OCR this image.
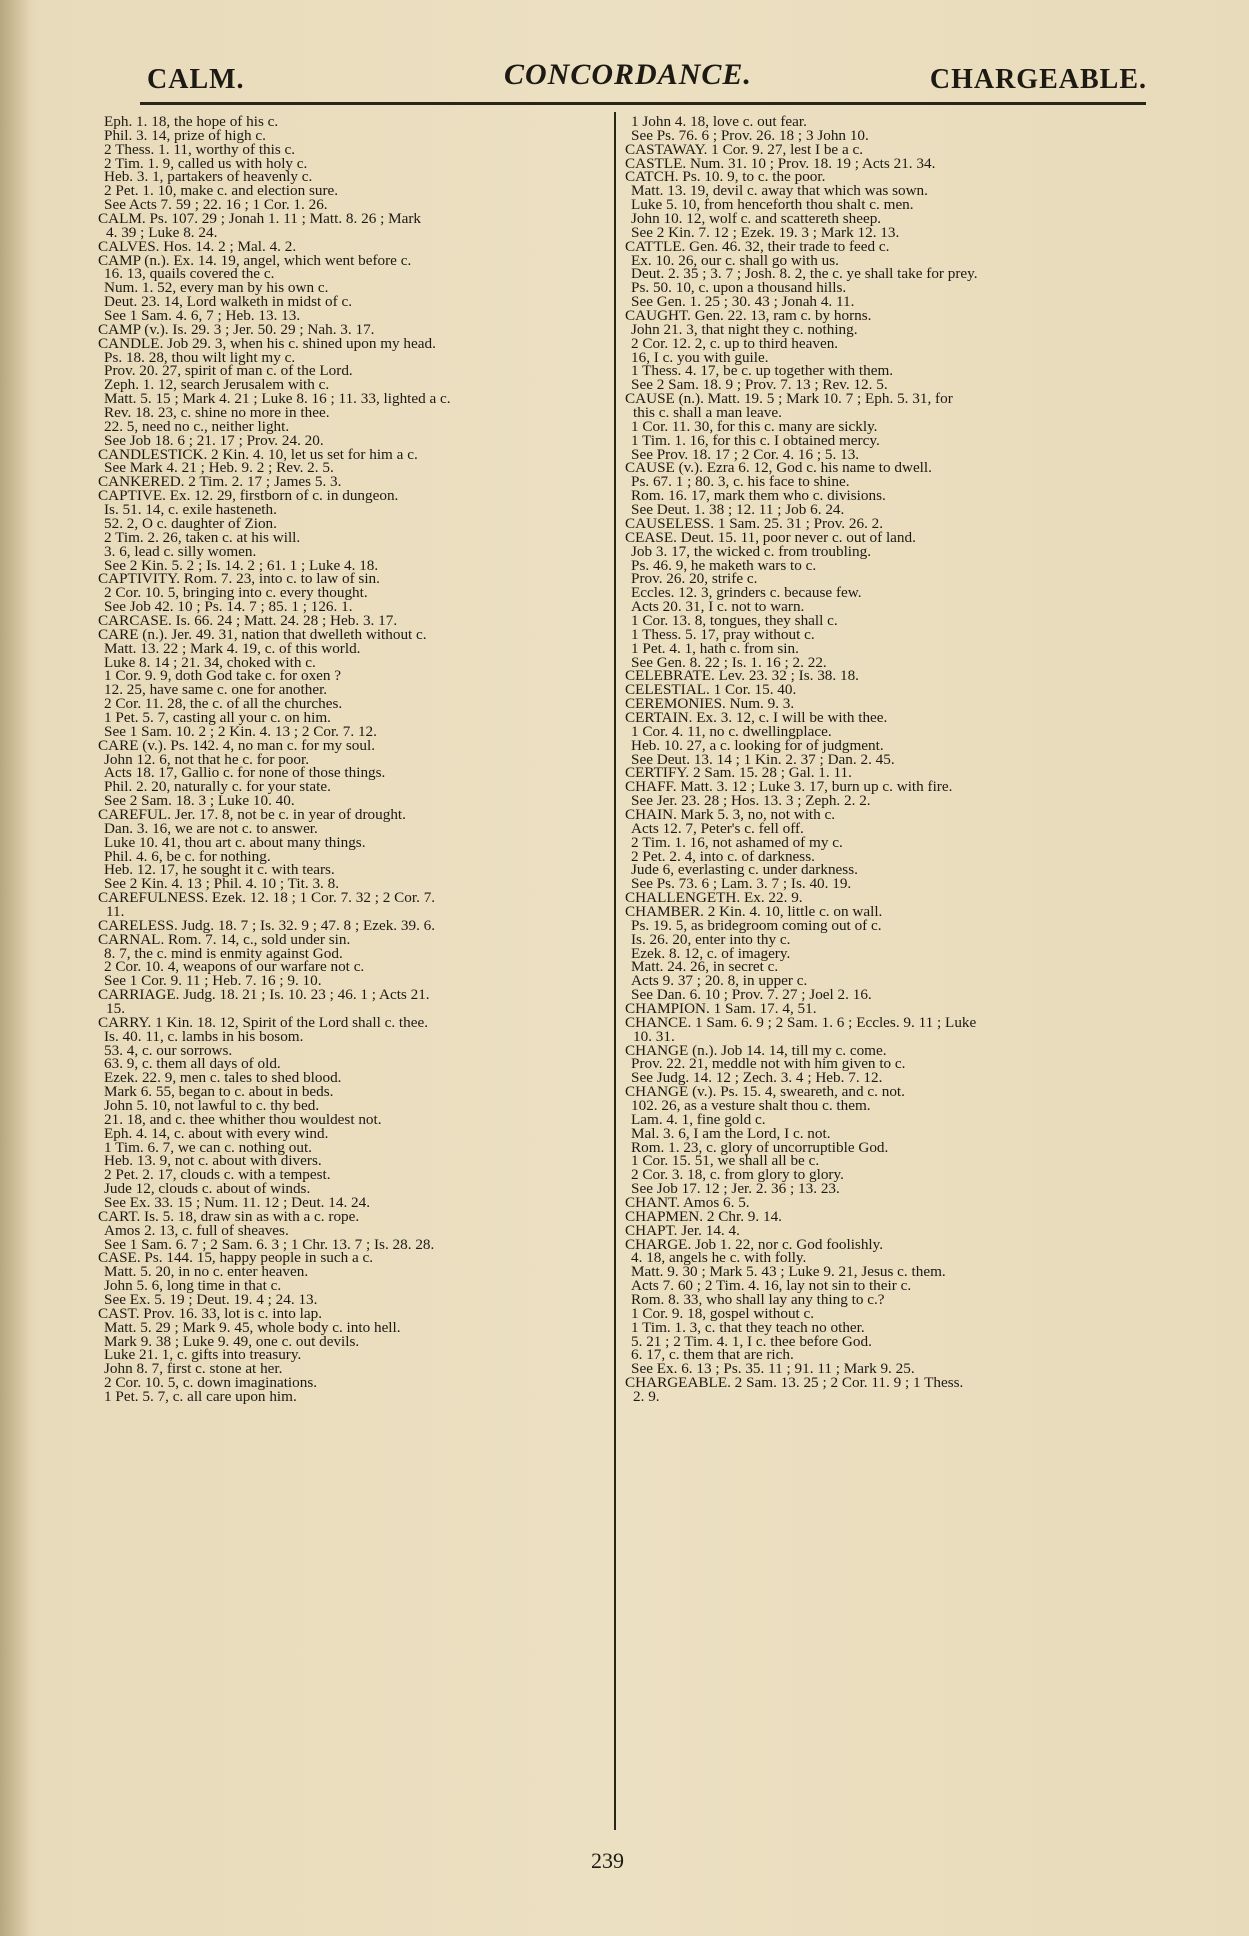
CALM.	CONCORDANCE.	CHARGEABLE.
Eph. 1. 18, the hope of his c.
Phil. 3. 14, prize of high c.
2 Thess. 1. 11, worthy of this c.
2 Tim. 1. 9, called us with holy c.
Heb. 3. 1, partakers of heavenly c.
2 Pet. 1. 10, make c. and election sure.
See Acts 7. 59 ; 22. 16 ; 1 Cor. 1. 26.
CALM. Ps. 107. 29 ; Jonah 1. 11 ; Matt. 8. 26 ; Mark
4. 39 ; Luke 8. 24.
CALVES. Hos. 14. 2 ; Mal. 4. 2.
CAMP (n.). Ex. 14. 19, angel, which went before c.
16. 13, quails covered the c.
Num. 1. 52, every man by his own c.
Deut. 23. 14, Lord walketh in midst of c.
See 1 Sam. 4. 6, 7 ; Heb. 13. 13.
CAMP (v.). Is. 29. 3 ; Jer. 50. 29 ; Nah. 3. 17.
CANDLE. Job 29. 3, when his c. shined upon my head.
Ps. 18. 28, thou wilt light my c.
Prov. 20. 27, spirit of man c. of the Lord.
Zeph. 1. 12, search Jerusalem with c.
Matt. 5. 15 ; Mark 4. 21 ; Luke 8. 16 ; 11. 33, lighted a c.
Rev. 18. 23, c. shine no more in thee.
22. 5, need no c., neither light.
See Job 18. 6 ; 21. 17 ; Prov. 24. 20.
CANDLESTICK. 2 Kin. 4. 10, let us set for him a c.
See Mark 4. 21 ; Heb. 9. 2 ; Rev. 2. 5.
CANKERED. 2 Tim. 2. 17 ; James 5. 3.
CAPTIVE. Ex. 12. 29, firstborn of c. in dungeon.
Is. 51. 14, c. exile hasteneth.
52. 2, O c. daughter of Zion.
2 Tim. 2. 26, taken c. at his will.
3. 6, lead c. silly women.
See 2 Kin. 5. 2 ; Is. 14. 2 ; 61. 1 ; Luke 4. 18.
CAPTIVITY. Rom. 7. 23, into c. to law of sin.
2 Cor. 10. 5, bringing into c. every thought.
See Job 42. 10 ; Ps. 14. 7 ; 85. 1 ; 126. 1.
CARCASE. Is. 66. 24 ; Matt. 24. 28 ; Heb. 3. 17.
CARE (n.). Jer. 49. 31, nation that dwelleth without c.
Matt. 13. 22 ; Mark 4. 19, c. of this world.
Luke 8. 14 ; 21. 34, choked with c.
1 Cor. 9. 9, doth God take c. for oxen ?
12. 25, have same c. one for another.
2 Cor. 11. 28, the c. of all the churches.
1 Pet. 5. 7, casting all your c. on him.
See 1 Sam. 10. 2 ; 2 Kin. 4. 13 ; 2 Cor. 7. 12.
CARE (v.). Ps. 142. 4, no man c. for my soul.
John 12. 6, not that he c. for poor.
Acts 18. 17, Gallio c. for none of those things.
Phil. 2. 20, naturally c. for your state.
See 2 Sam. 18. 3 ; Luke 10. 40.
CAREFUL. Jer. 17. 8, not be c. in year of drought.
Dan. 3. 16, we are not c. to answer.
Luke 10. 41, thou art c. about many things.
Phil. 4. 6, be c. for nothing.
Heb. 12. 17, he sought it c. with tears.
See 2 Kin. 4. 13 ; Phil. 4. 10 ; Tit. 3. 8.
CAREFULNESS. Ezek. 12. 18 ; 1 Cor. 7. 32 ; 2 Cor. 7.
11.
CARELESS. Judg. 18. 7 ; Is. 32. 9 ; 47. 8 ; Ezek. 39. 6.
CARNAL. Rom. 7. 14, c., sold under sin.
8. 7, the c. mind is enmity against God.
2 Cor. 10. 4, weapons of our warfare not c.
See 1 Cor. 9. 11 ; Heb. 7. 16 ; 9. 10.
CARRIAGE. Judg. 18. 21 ; Is. 10. 23 ; 46. 1 ; Acts 21.
15.
CARRY. 1 Kin. 18. 12, Spirit of the Lord shall c. thee.
Is. 40. 11, c. lambs in his bosom.
53. 4, c. our sorrows.
63. 9, c. them all days of old.
Ezek. 22. 9, men c. tales to shed blood.
Mark 6. 55, began to c. about in beds.
John 5. 10, not lawful to c. thy bed.
21. 18, and c. thee whither thou wouldest not.
Eph. 4. 14, c. about with every wind.
1 Tim. 6. 7, we can c. nothing out.
Heb. 13. 9, not c. about with divers.
2 Pet. 2. 17, clouds c. with a tempest.
Jude 12, clouds c. about of winds.
See Ex. 33. 15 ; Num. 11. 12 ; Deut. 14. 24.
CART. Is. 5. 18, draw sin as with a c. rope.
Amos 2. 13, c. full of sheaves.
See 1 Sam. 6. 7 ; 2 Sam. 6. 3 ; 1 Chr. 13. 7 ; Is. 28. 28.
CASE. Ps. 144. 15, happy people in such a c.
Matt. 5. 20, in no c. enter heaven.
John 5. 6, long time in that c.
See Ex. 5. 19 ; Deut. 19. 4 ; 24. 13.
CAST. Prov. 16. 33, lot is c. into lap.
Matt. 5. 29 ; Mark 9. 45, whole body c. into hell.
Mark 9. 38 ; Luke 9. 49, one c. out devils.
Luke 21. 1, c. gifts into treasury.
John 8. 7, first c. stone at her.
2 Cor. 10. 5, c. down imaginations.
1 Pet. 5. 7, c. all care upon him.
1 John 4. 18, love c. out fear.
See Ps. 76. 6 ; Prov. 26. 18 ; 3 John 10.
CASTAWAY. 1 Cor. 9. 27, lest I be a c.
CASTLE. Num. 31. 10 ; Prov. 18. 19 ; Acts 21. 34.
CATCH. Ps. 10. 9, to c. the poor.
Matt. 13. 19, devil c. away that which was sown.
Luke 5. 10, from henceforth thou shalt c. men.
John 10. 12, wolf c. and scattereth sheep.
See 2 Kin. 7. 12 ; Ezek. 19. 3 ; Mark 12. 13.
CATTLE. Gen. 46. 32, their trade to feed c.
Ex. 10. 26, our c. shall go with us.
Deut. 2. 35 ; 3. 7 ; Josh. 8. 2, the c. ye shall take for prey.
Ps. 50. 10, c. upon a thousand hills.
See Gen. 1. 25 ; 30. 43 ; Jonah 4. 11.
CAUGHT. Gen. 22. 13, ram c. by horns.
John 21. 3, that night they c. nothing.
2 Cor. 12. 2, c. up to third heaven.
16, I c. you with guile.
1 Thess. 4. 17, be c. up together with them.
See 2 Sam. 18. 9 ; Prov. 7. 13 ; Rev. 12. 5.
CAUSE (n.). Matt. 19. 5 ; Mark 10. 7 ; Eph. 5. 31, for
this c. shall a man leave.
1 Cor. 11. 30, for this c. many are sickly.
1 Tim. 1. 16, for this c. I obtained mercy.
See Prov. 18. 17 ; 2 Cor. 4. 16 ; 5. 13.
CAUSE (v.). Ezra 6. 12, God c. his name to dwell.
Ps. 67. 1 ; 80. 3, c. his face to shine.
Rom. 16. 17, mark them who c. divisions.
See Deut. 1. 38 ; 12. 11 ; Job 6. 24.
CAUSELESS. 1 Sam. 25. 31 ; Prov. 26. 2.
CEASE. Deut. 15. 11, poor never c. out of land.
Job 3. 17, the wicked c. from troubling.
Ps. 46. 9, he maketh wars to c.
Prov. 26. 20, strife c.
Eccles. 12. 3, grinders c. because few.
Acts 20. 31, I c. not to warn.
1 Cor. 13. 8, tongues, they shall c.
1 Thess. 5. 17, pray without c.
1 Pet. 4. 1, hath c. from sin.
See Gen. 8. 22 ; Is. 1. 16 ; 2. 22.
CELEBRATE. Lev. 23. 32 ; Is. 38. 18.
CELESTIAL. 1 Cor. 15. 40.
CEREMONIES. Num. 9. 3.
CERTAIN. Ex. 3. 12, c. I will be with thee.
1 Cor. 4. 11, no c. dwellingplace.
Heb. 10. 27, a c. looking for of judgment.
See Deut. 13. 14 ; 1 Kin. 2. 37 ; Dan. 2. 45.
CERTIFY. 2 Sam. 15. 28 ; Gal. 1. 11.
CHAFF. Matt. 3. 12 ; Luke 3. 17, burn up c. with fire.
See Jer. 23. 28 ; Hos. 13. 3 ; Zeph. 2. 2.
CHAIN. Mark 5. 3, no, not with c.
Acts 12. 7, Peter's c. fell off.
2 Tim. 1. 16, not ashamed of my c.
2 Pet. 2. 4, into c. of darkness.
Jude 6, everlasting c. under darkness.
See Ps. 73. 6 ; Lam. 3. 7 ; Is. 40. 19.
CHALLENGETH. Ex. 22. 9.
CHAMBER. 2 Kin. 4. 10, little c. on wall.
Ps. 19. 5, as bridegroom coming out of c.
Is. 26. 20, enter into thy c.
Ezek. 8. 12, c. of imagery.
Matt. 24. 26, in secret c.
Acts 9. 37 ; 20. 8, in upper c.
See Dan. 6. 10 ; Prov. 7. 27 ; Joel 2. 16.
CHAMPION. 1 Sam. 17. 4, 51.
CHANCE. 1 Sam. 6. 9 ; 2 Sam. 1. 6 ; Eccles. 9. 11 ; Luke
10. 31.
CHANGE (n.). Job 14. 14, till my c. come.
Prov. 22. 21, meddle not with him given to c.
See Judg. 14. 12 ; Zech. 3. 4 ; Heb. 7. 12.
CHANGE (v.). Ps. 15. 4, sweareth, and c. not.
102. 26, as a vesture shalt thou c. them.
Lam. 4. 1, fine gold c.
Mal. 3. 6, I am the Lord, I c. not.
Rom. 1. 23, c. glory of uncorruptible God.
1 Cor. 15. 51, we shall all be c.
2 Cor. 3. 18, c. from glory to glory.
See Job 17. 12 ; Jer. 2. 36 ; 13. 23.
CHANT. Amos 6. 5.
CHAPMEN. 2 Chr. 9. 14.
CHAPT. Jer. 14. 4.
CHARGE. Job 1. 22, nor c. God foolishly.
4. 18, angels he c. with folly.
Matt. 9. 30 ; Mark 5. 43 ; Luke 9. 21, Jesus c. them.
Acts 7. 60 ; 2 Tim. 4. 16, lay not sin to their c.
Rom. 8. 33, who shall lay any thing to c.?
1 Cor. 9. 18, gospel without c.
1 Tim. 1. 3, c. that they teach no other.
5. 21 ; 2 Tim. 4. 1, I c. thee before God.
6. 17, c. them that are rich.
See Ex. 6. 13 ; Ps. 35. 11 ; 91. 11 ; Mark 9. 25.
CHARGEABLE. 2 Sam. 13. 25 ; 2 Cor. 11. 9 ; 1 Thess.
2. 9.
239
